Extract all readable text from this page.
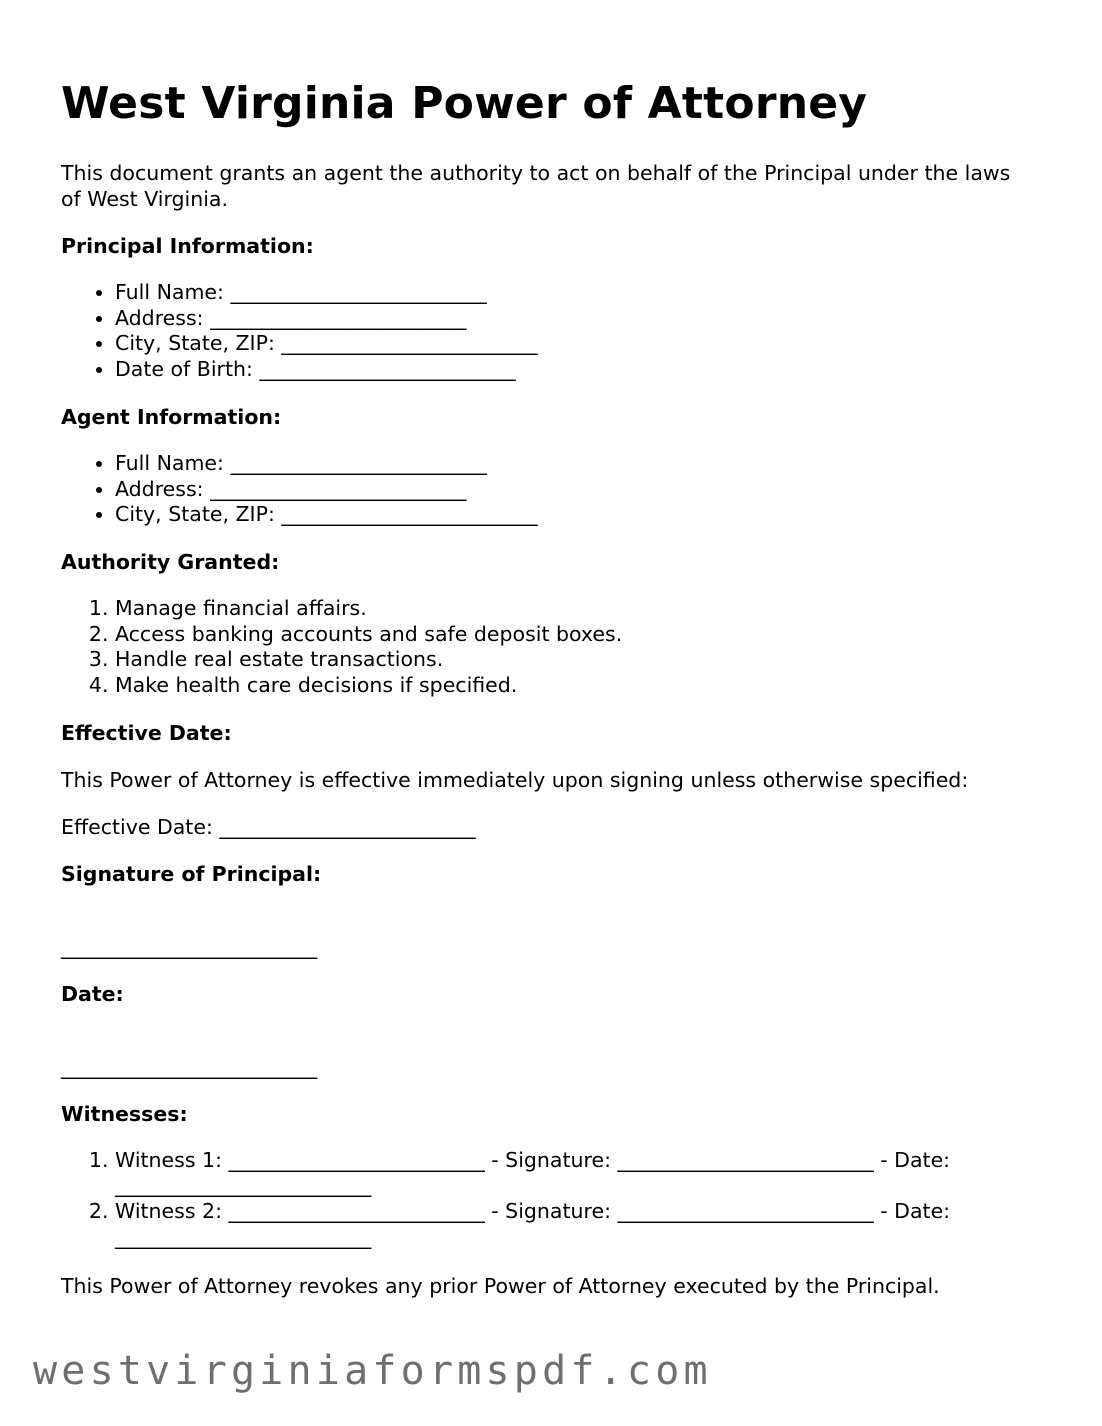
West Virginia Power of Attorney

This document grants an agent the authority to act on behalf of the Principal under the laws of West Virginia.

Principal Information:
• Full Name: _________________________
• Address: _________________________
• City, State, ZIP: _________________________
• Date of Birth: _________________________
Agent Information:
• Full Name: _________________________
• Address: _________________________
• City, State, ZIP: _________________________
Authority Granted:
1. Manage financial affairs.
2. Access banking accounts and safe deposit boxes.
3. Handle real estate transactions.
4. Make health care decisions if specified.
Effective Date:

This Power of Attorney is effective immediately upon signing unless otherwise specified:

Effective Date: _________________________

Signature of Principal:
_________________________
Date:
_________________________
Witnesses:
1. Witness 1: _________________________ - Signature: _________________________ - Date: _________________________
2. Witness 2: _________________________ - Signature: _________________________ - Date: _________________________

This Power of Attorney revokes any prior Power of Attorney executed by the Principal.

westvirginiaformspdf.com
